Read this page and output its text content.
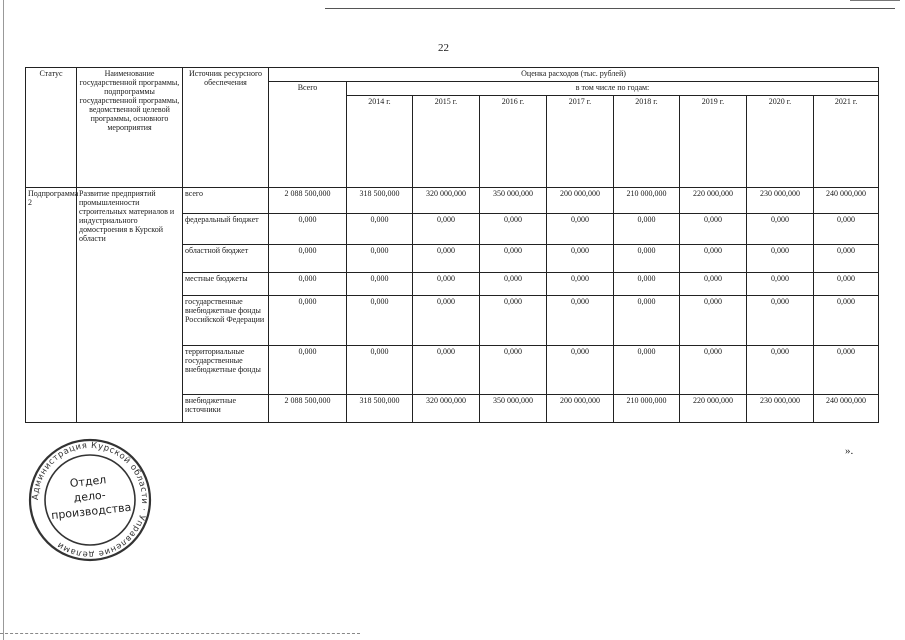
22
Статус	Наименование государственной программы, подпрограммы государственной программы, ведомственной целевой программы, основного мероприятия	Источник ресурсного обеспечения	Оценка расходов (тыс. рублей)								
			Всего	в том числе по годам:							
				2014 г.	2015 г.	2016 г.	2017 г.	2018 г.	2019 г.	2020 г.	2021 г.
Подпрограмма 2	Развитие предприятий промышленности строительных материалов и индустриального домостроения в Курской области	всего	2 088 500,000	318 500,000	320 000,000	350 000,000	200 000,000	210 000,000	220 000,000	230 000,000	240 000,000
		федеральный бюджет	0,000	0,000	0,000	0,000	0,000	0,000	0,000	0,000	0,000
		областной бюджет	0,000	0,000	0,000	0,000	0,000	0,000	0,000	0,000	0,000
		местные бюджеты	0,000	0,000	0,000	0,000	0,000	0,000	0,000	0,000	0,000
		государственные внебюджетные фонды Российской Федерации	0,000	0,000	0,000	0,000	0,000	0,000	0,000	0,000	0,000
		территориальные государственные внебюджетные фонды	0,000	0,000	0,000	0,000	0,000	0,000	0,000	0,000	0,000
		внебюджетные источники	2 088 500,000	318 500,000	320 000,000	350 000,000	200 000,000	210 000,000	220 000,000	230 000,000	240 000,000
».
Администрация Курской области · Управление делами
Отдел
дело-
производства
